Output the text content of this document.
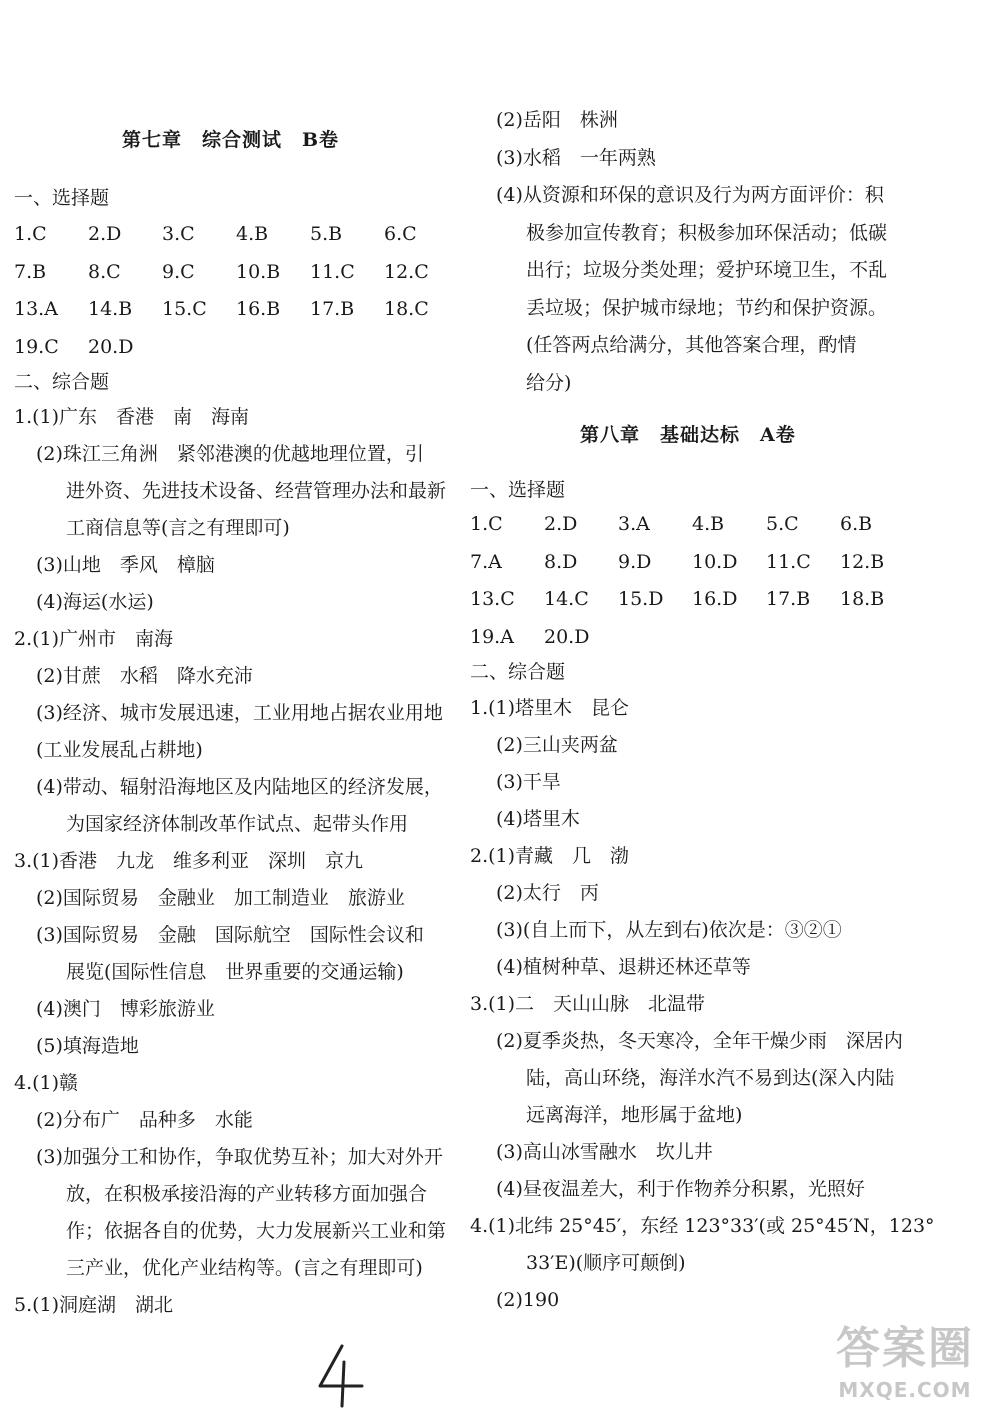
第七章　综合测试　B卷
一、选择题
1.C 2.D 3.C 4.B 5.B 6.C
7.B 8.C 9.C 10.B 11.C 12.C
13.A 14.B 15.C 16.B 17.B 18.C
19.C 20.D
二、综合题
1.(1)广东　香港　南　海南
(2)珠江三角洲　紧邻港澳的优越地理位置，引
进外资、先进技术设备、经营管理办法和最新
工商信息等(言之有理即可)
(3)山地　季风　樟脑
(4)海运(水运)
2.(1)广州市　南海
(2)甘蔗　水稻　降水充沛
(3)经济、城市发展迅速，工业用地占据农业用地
(工业发展乱占耕地)
(4)带动、辐射沿海地区及内陆地区的经济发展，
为国家经济体制改革作试点、起带头作用
3.(1)香港　九龙　维多利亚　深圳　京九
(2)国际贸易　金融业　加工制造业　旅游业
(3)国际贸易　金融　国际航空　国际性会议和
展览(国际性信息　世界重要的交通运输)
(4)澳门　博彩旅游业
(5)填海造地
4.(1)赣
(2)分布广　品种多　水能
(3)加强分工和协作，争取优势互补；加大对外开
放，在积极承接沿海的产业转移方面加强合
作；依据各自的优势，大力发展新兴工业和第
三产业，优化产业结构等。(言之有理即可)
5.(1)洞庭湖　湖北
(2)岳阳　株洲
(3)水稻　一年两熟
(4)从资源和环保的意识及行为两方面评价：积
极参加宣传教育；积极参加环保活动；低碳
出行；垃圾分类处理；爱护环境卫生，不乱
丢垃圾；保护城市绿地；节约和保护资源。
(任答两点给满分，其他答案合理，酌情
给分)
第八章　基础达标　A卷
一、选择题
1.C 2.D 3.A 4.B 5.C 6.B
7.A 8.D 9.D 10.D 11.C 12.B
13.C 14.C 15.D 16.D 17.B 18.B
19.A 20.D
二、综合题
1.(1)塔里木　昆仑
(2)三山夹两盆
(3)干旱
(4)塔里木
2.(1)青藏　几　渤
(2)太行　丙
(3)(自上而下，从左到右)依次是：③②①
(4)植树种草、退耕还林还草等
3.(1)二　天山山脉　北温带
(2)夏季炎热，冬天寒冷，全年干燥少雨　深居内
陆，高山环绕，海洋水汽不易到达(深入内陆
远离海洋，地形属于盆地)
(3)高山冰雪融水　坎儿井
(4)昼夜温差大，利于作物养分积累，光照好
4.(1)北纬 25°45′，东经 123°33′(或 25°45′N，123°
33′E)(顺序可颠倒)
(2)190
答案圈
MXQE.COM
